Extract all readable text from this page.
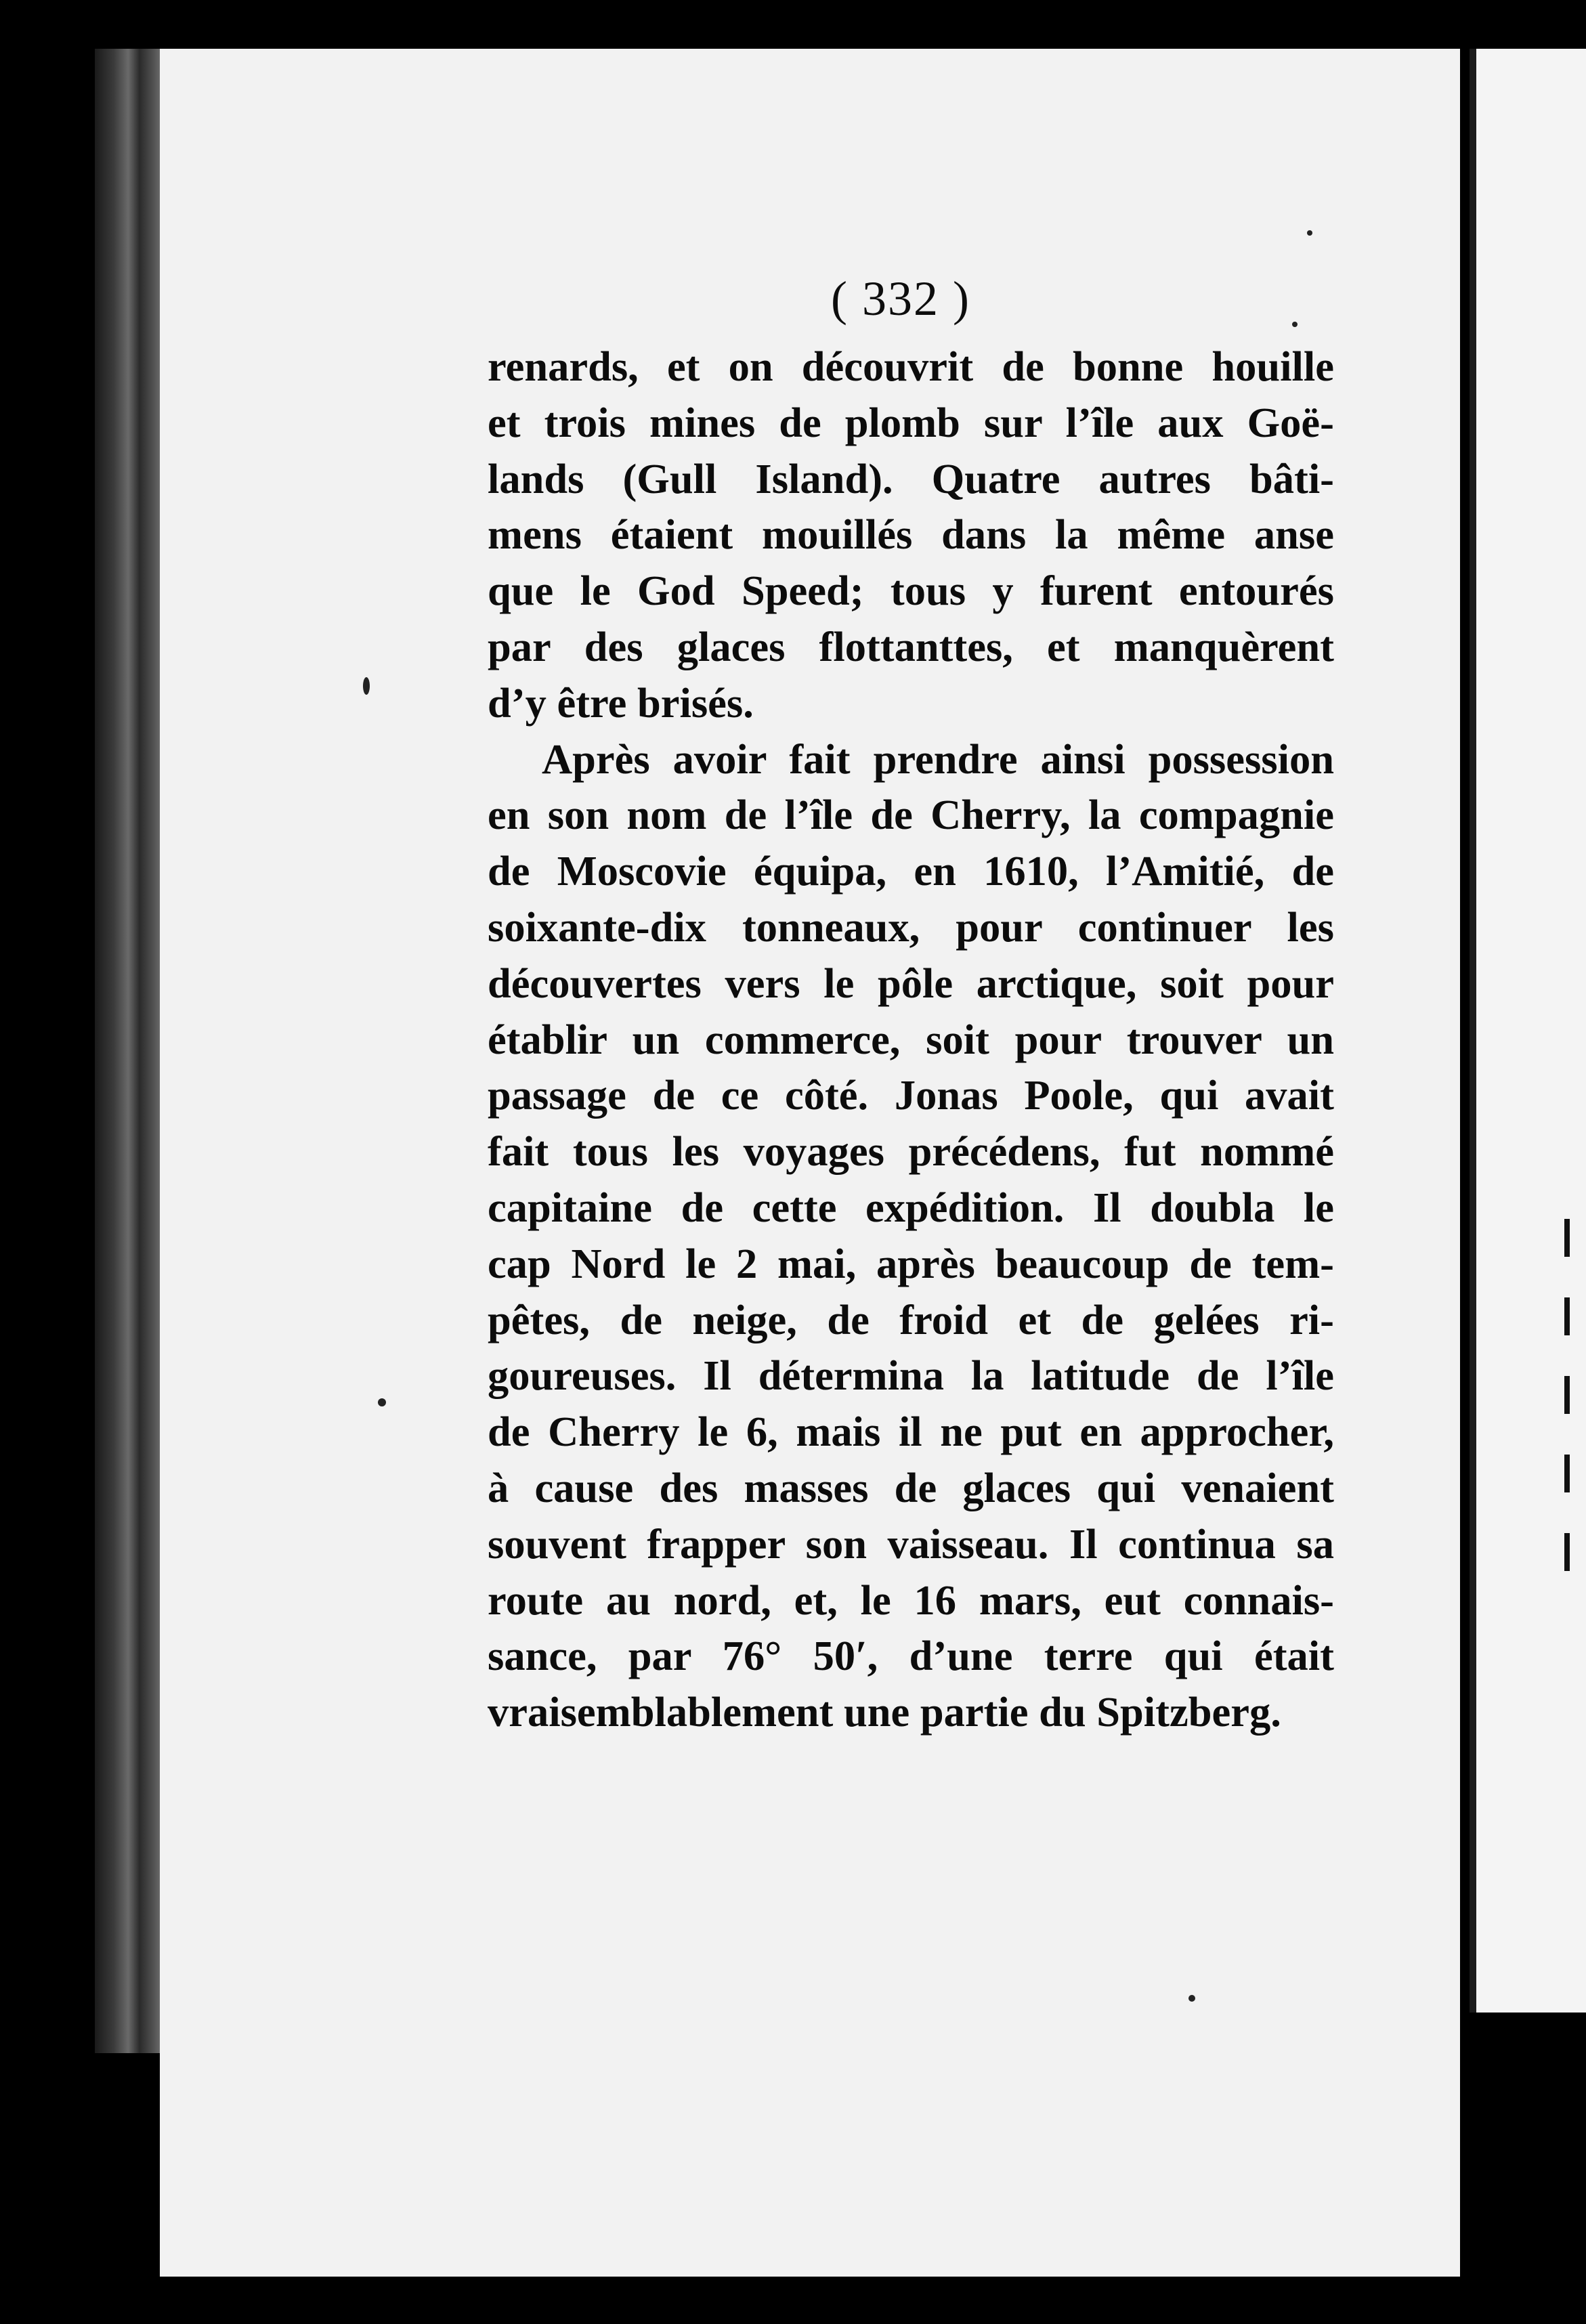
( 332 )
renards, et on découvrit de bonne houille
et trois mines de plomb sur l’île aux Goë-
lands (Gull Island). Quatre autres bâti-
mens étaient mouillés dans la même anse
que le God Speed; tous y furent entourés
par des glaces flottanttes, et manquèrent
d’y être brisés.
Après avoir fait prendre ainsi possession
en son nom de l’île de Cherry, la compagnie
de Moscovie équipa, en 1610, l’Amitié, de
soixante-dix tonneaux, pour continuer les
découvertes vers le pôle arctique, soit pour
établir un commerce, soit pour trouver un
passage de ce côté. Jonas Poole, qui avait
fait tous les voyages précédens, fut nommé
capitaine de cette expédition. Il doubla le
cap Nord le 2 mai, après beaucoup de tem-
pêtes, de neige, de froid et de gelées ri-
goureuses. Il détermina la latitude de l’île
de Cherry le 6, mais il ne put en approcher,
à cause des masses de glaces qui venaient
souvent frapper son vaisseau. Il continua sa
route au nord, et, le 16 mars, eut connais-
sance, par 76° 50′, d’une terre qui était
vraisemblablement une partie du Spitzberg.
